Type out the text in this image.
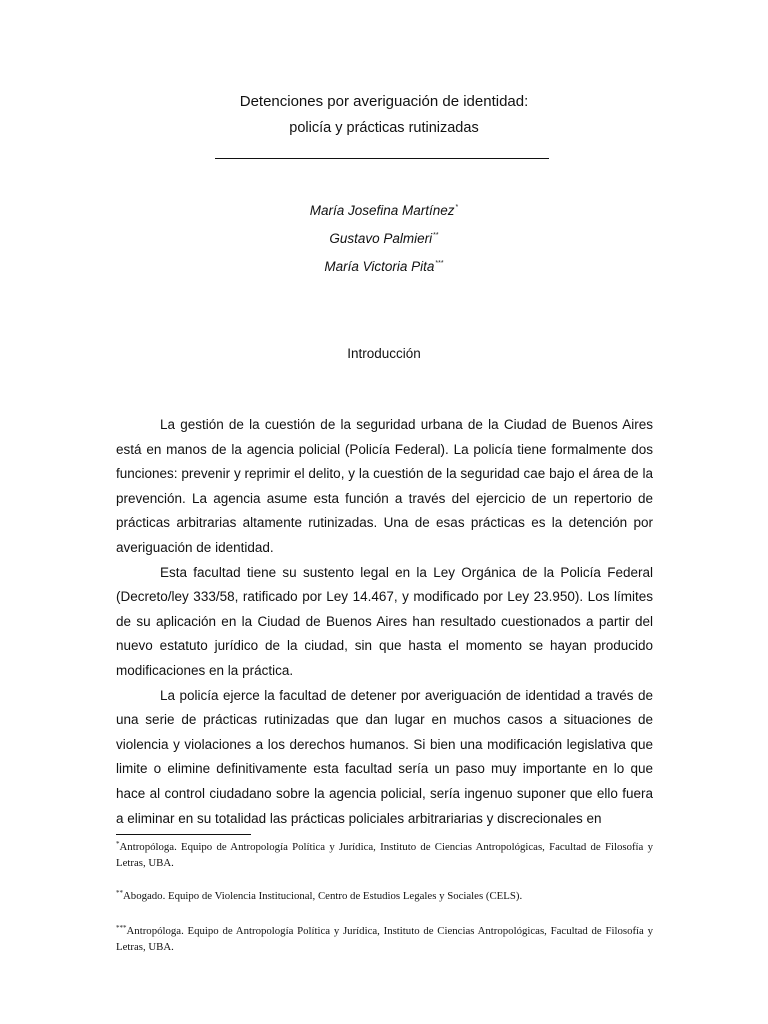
Detenciones por averiguación de identidad:
policía y prácticas rutinizadas
María Josefina Martínez*
Gustavo Palmieri**
María Victoria Pita***
Introducción

La gestión de la cuestión de la seguridad urbana de la Ciudad de Buenos Aires está en manos de la agencia policial (Policía Federal). La policía tiene formalmente dos funciones: prevenir y reprimir el delito, y la cuestión de la seguridad cae bajo el área de la prevención. La agencia asume esta función a través del ejercicio de un repertorio de prácticas arbitrarias altamente rutinizadas. Una de esas prácticas es la detención por averiguación de identidad.

Esta facultad tiene su sustento legal en la Ley Orgánica de la Policía Federal (Decreto/ley 333/58, ratificado por Ley 14.467, y modificado por Ley 23.950). Los límites de su aplicación en la Ciudad de Buenos Aires han resultado cuestionados a partir del nuevo estatuto jurídico de la ciudad, sin que hasta el momento se hayan producido modificaciones en la práctica.

La policía ejerce la facultad de detener por averiguación de identidad a través de una serie de prácticas rutinizadas que dan lugar en muchos casos a situaciones de violencia y violaciones a los derechos humanos. Si bien una modificación legislativa que limite o elimine definitivamente esta facultad sería un paso muy importante en lo que hace al control ciudadano sobre la agencia policial, sería ingenuo suponer que ello fuera a eliminar en su totalidad las prácticas policiales arbitrariarias y discrecionales en

*Antropóloga. Equipo de Antropología Política y Jurídica, Instituto de Ciencias Antropológicas, Facultad de Filosofía y Letras, UBA.

**Abogado. Equipo de Violencia Institucional, Centro de Estudios Legales y Sociales (CELS).

***Antropóloga. Equipo de Antropología Política y Jurídica, Instituto de Ciencias Antropológicas, Facultad de Filosofía y Letras, UBA.
